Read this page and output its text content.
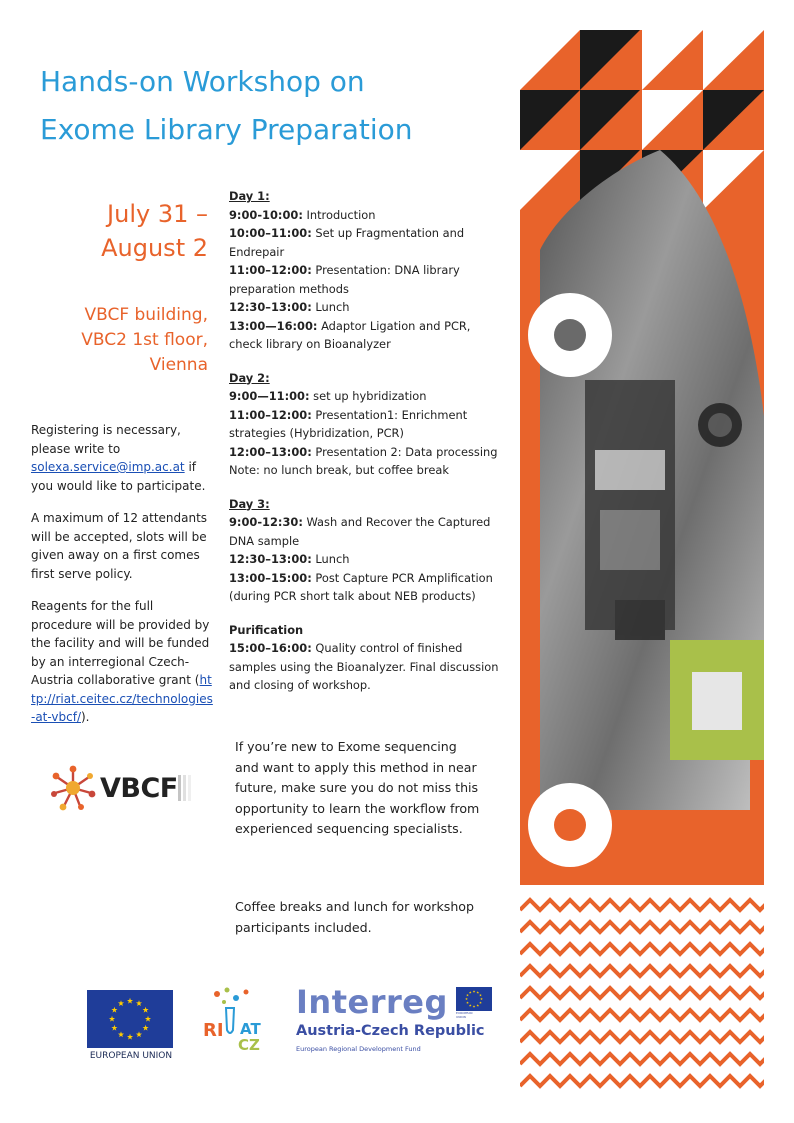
Hands-on Workshop on
Exome Library Preparation
July 31 –
August 2
VBCF building,
VBC2 1st floor,
Vienna

Registering is necessary, please write to solexa.service@imp.ac.at if you would like to participate.

A maximum of 12 attendants will be accepted, slots will be given away on a first comes first serve policy.

Reagents for the full procedure will be provided by the facility and will be funded by an interregional Czech-Austria collaborative grant (http://riat.ceitec.cz/technologies-at-vbcf/).

Day 1:
9:00-10:00: Introduction
10:00–11:00: Set up Fragmentation and Endrepair
11:00–12:00: Presentation: DNA library preparation methods
12:30–13:00: Lunch
13:00—16:00: Adaptor Ligation and PCR, check library on Bioanalyzer
Day 2:
9:00—11:00: set up hybridization
11:00–12:00: Presentation1: Enrichment strategies (Hybridization, PCR)
12:00–13:00: Presentation 2: Data processing
Note: no lunch break, but coffee break
Day 3:
9:00-12:30: Wash and Recover the Captured DNA sample
12:30–13:00: Lunch
13:00–15:00: Post Capture PCR Amplification
(during PCR short talk about NEB products)
Purification
15:00–16:00: Quality control of finished samples using the Bioanalyzer. Final discussion and closing of workshop.
If you’re new to Exome sequencing and want to apply this method in near future, make sure you do not miss this opportunity to learn the workflow from experienced sequencing specialists.
Coffee breaks and lunch for workshop participants included.
VBCF
EUROPEAN UNION
RI AT
CZ
Interreg	EUROPEAN UNION
Austria-Czech Republic
European Regional Development Fund
